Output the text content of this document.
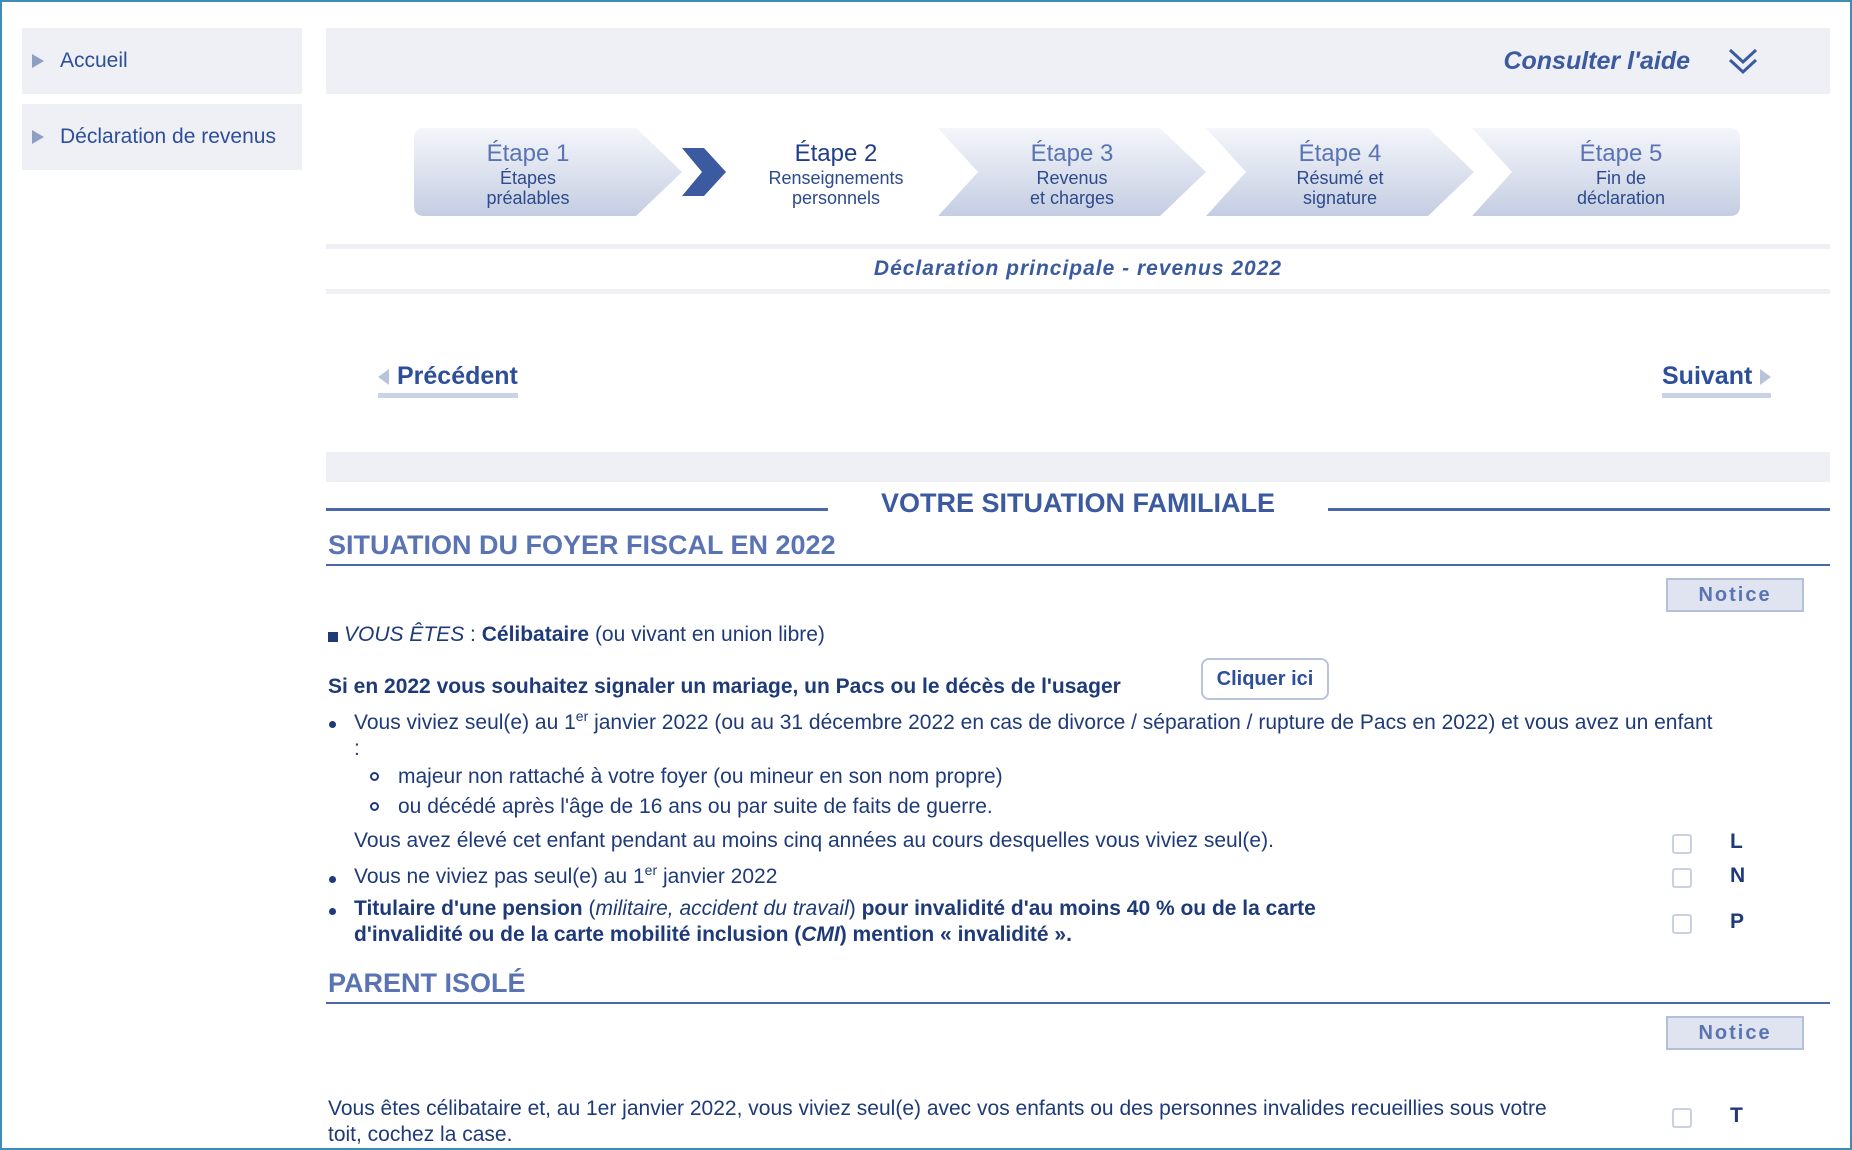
Accueil
Déclaration de revenus
Consulter l'aide
Étape 1
Étapes
préalables
Étape 2
Renseignements
personnels
Étape 3
Revenus
et charges
Étape 4
Résumé et
signature
Étape 5
Fin de
déclaration
Déclaration principale - revenus 2022
Précédent	Suivant
VOTRE SITUATION FAMILIALE
SITUATION DU FOYER FISCAL EN 2022
Notice
VOUS ÊTES : Célibataire (ou vivant en union libre)
Si en 2022 vous souhaitez signaler un mariage, un Pacs ou le décès de l'usager	Cliquer ici
Vous viviez seul(e) au 1er janvier 2022 (ou au 31 décembre 2022 en cas de divorce / séparation / rupture de Pacs en 2022) et vous avez un enfant
:
majeur non rattaché à votre foyer (ou mineur en son nom propre)
ou décédé après l'âge de 16 ans ou par suite de faits de guerre.
Vous avez élevé cet enfant pendant au moins cinq années au cours desquelles vous viviez seul(e).	L
Vous ne viviez pas seul(e) au 1er janvier 2022	N
Titulaire d'une pension (militaire, accident du travail) pour invalidité d'au moins 40 % ou de la carte
d'invalidité ou de la carte mobilité inclusion (CMI) mention « invalidité ».
P
PARENT ISOLÉ
Notice
Vous êtes célibataire et, au 1er janvier 2022, vous viviez seul(e) avec vos enfants ou des personnes invalides recueillies sous votre
toit, cochez la case.
T
